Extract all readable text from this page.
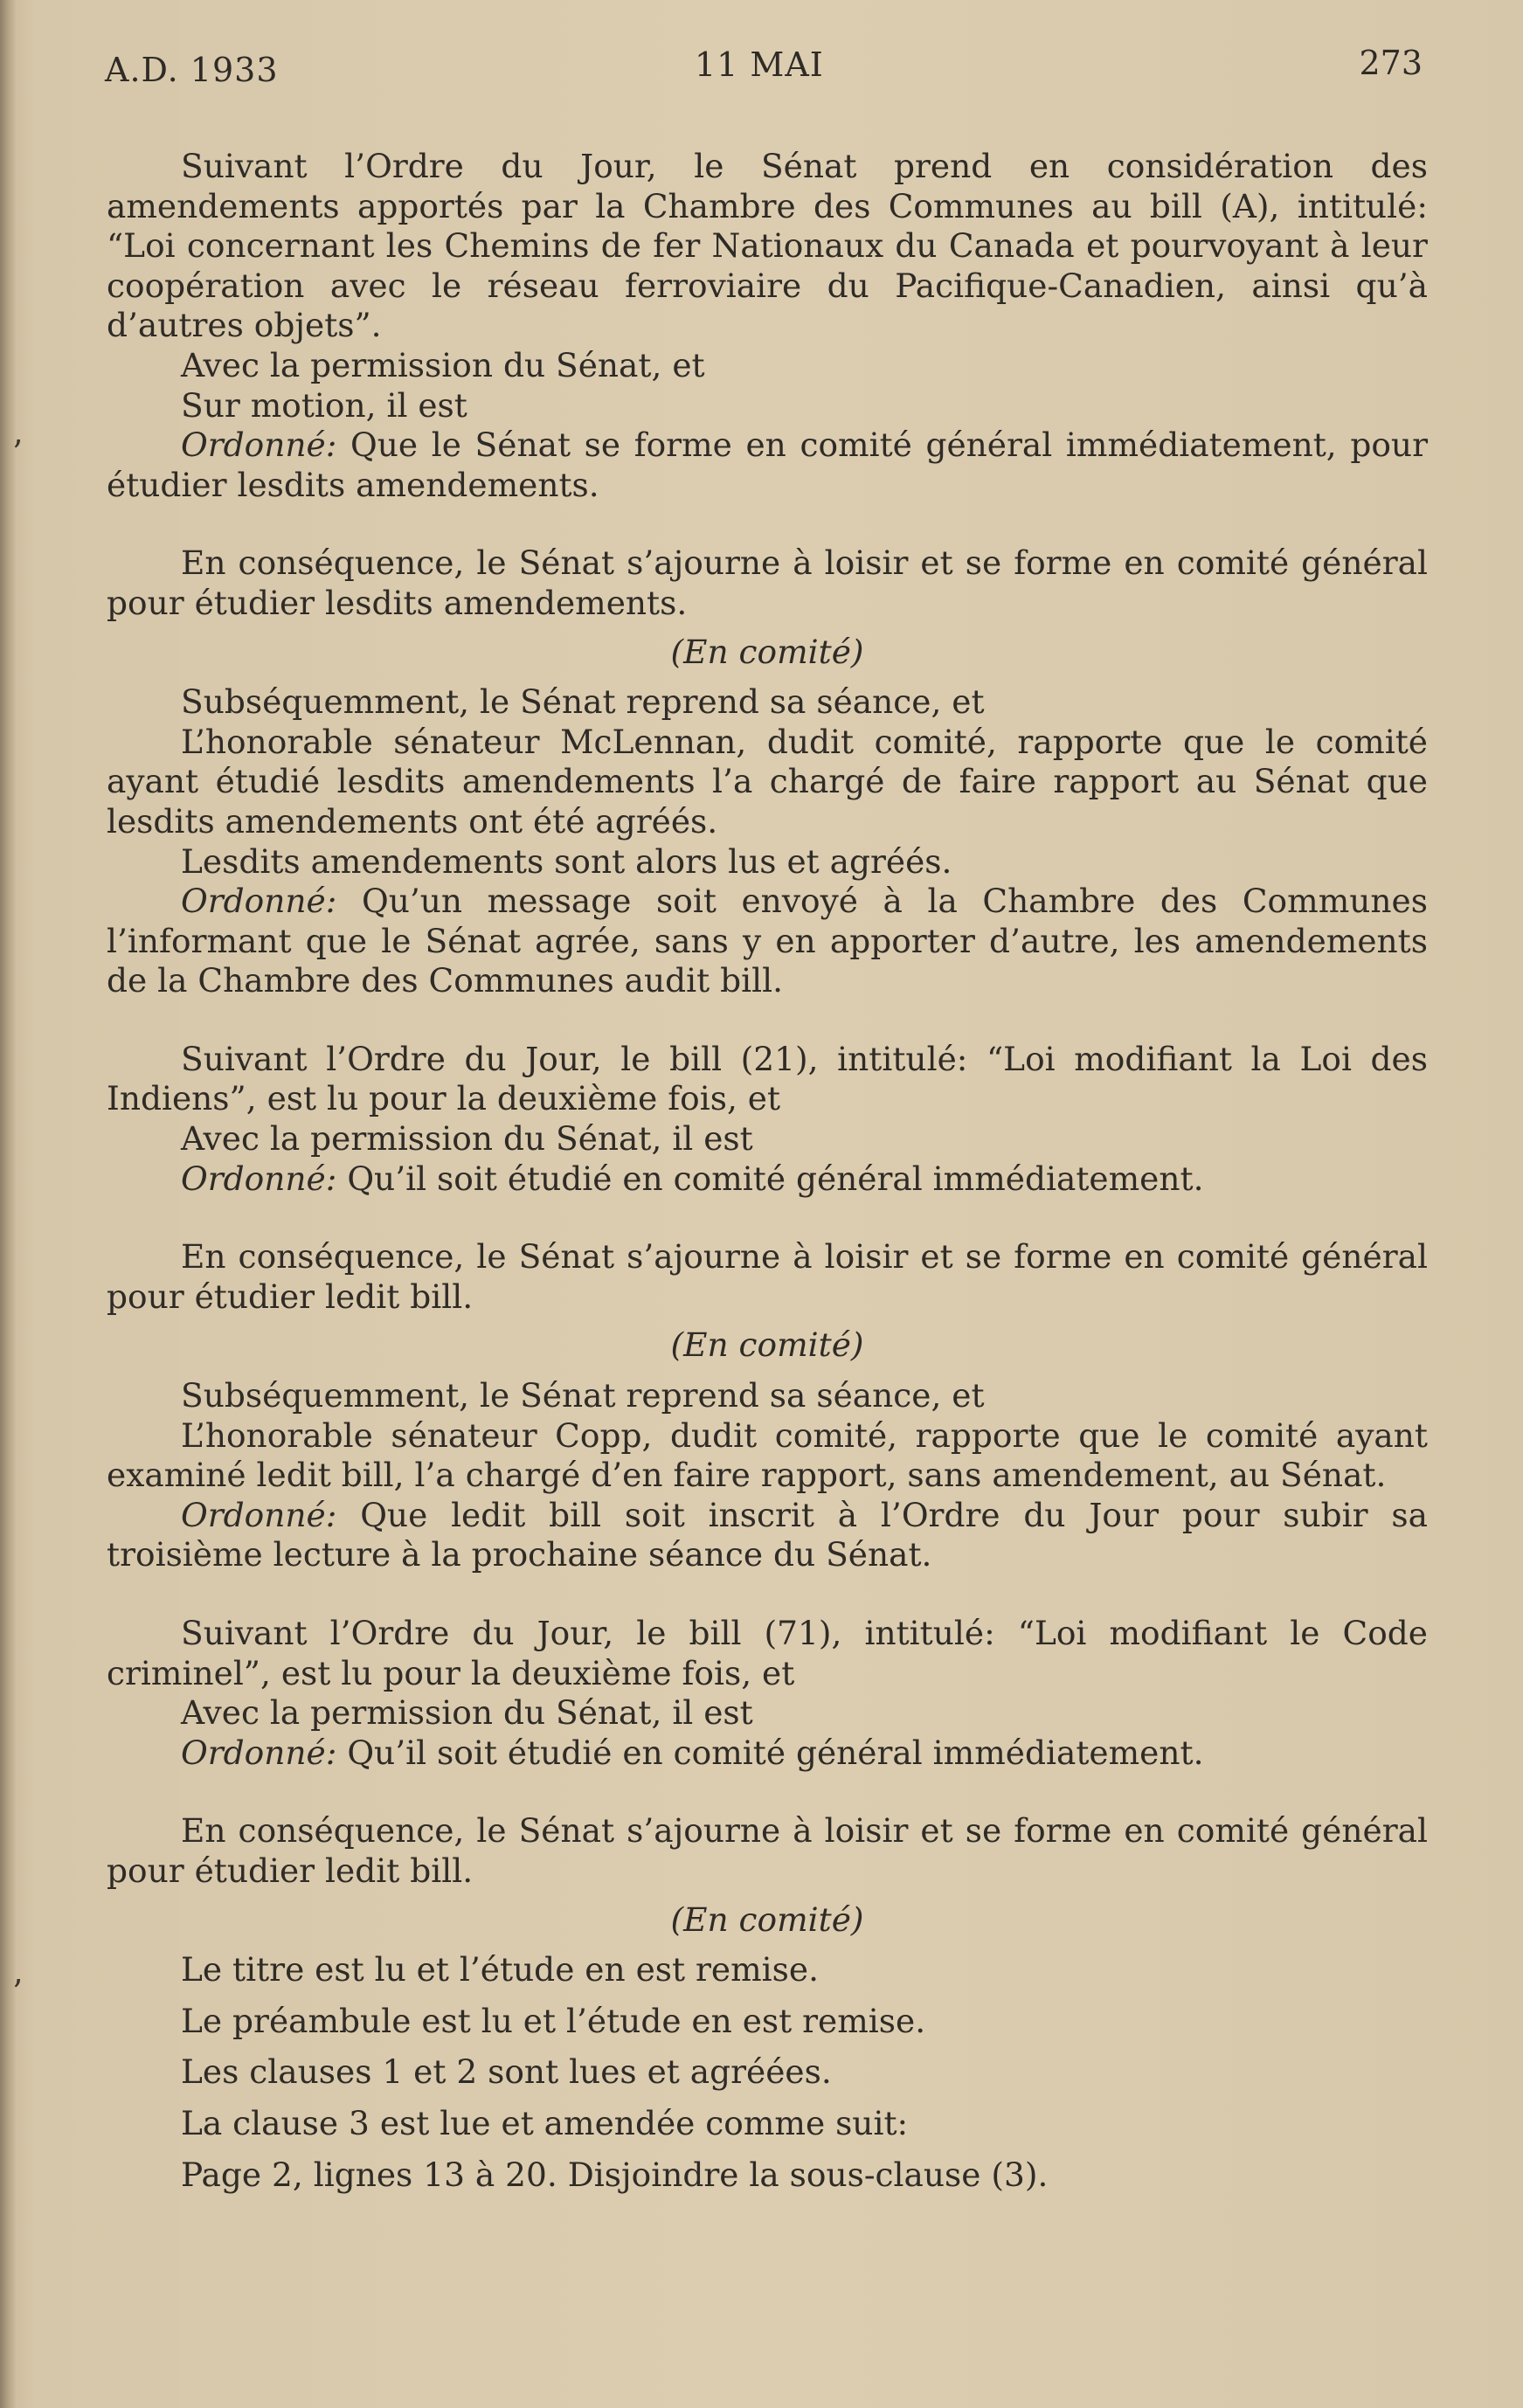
’
’
A.D. 1933	11 MAI	273

Suivant l’Ordre du Jour, le Sénat prend en considération des amendements apportés par la Chambre des Communes au bill (A), intitulé: “Loi concernant les Chemins de fer Nationaux du Canada et pourvoyant à leur coopération avec le réseau ferroviaire du Pacifique-Canadien, ainsi qu’à d’autres objets”.

Avec la permission du Sénat, et

Sur motion, il est

Ordonné: Que le Sénat se forme en comité général immédiatement, pour étudier lesdits amendements.

En conséquence, le Sénat s’ajourne à loisir et se forme en comité général pour étudier lesdits amendements.

(En comité)

Subséquemment, le Sénat reprend sa séance, et

L’honorable sénateur McLennan, dudit comité, rapporte que le comité ayant étudié lesdits amendements l’a chargé de faire rapport au Sénat que lesdits amendements ont été agréés.

Lesdits amendements sont alors lus et agréés.

Ordonné: Qu’un message soit envoyé à la Chambre des Communes l’informant que le Sénat agrée, sans y en apporter d’autre, les amendements de la Chambre des Communes audit bill.

Suivant l’Ordre du Jour, le bill (21), intitulé: “Loi modifiant la Loi des Indiens”, est lu pour la deuxième fois, et

Avec la permission du Sénat, il est

Ordonné: Qu’il soit étudié en comité général immédiatement.

En conséquence, le Sénat s’ajourne à loisir et se forme en comité général pour étudier ledit bill.

(En comité)

Subséquemment, le Sénat reprend sa séance, et

L’honorable sénateur Copp, dudit comité, rapporte que le comité ayant examiné ledit bill, l’a chargé d’en faire rapport, sans amendement, au Sénat.

Ordonné: Que ledit bill soit inscrit à l’Ordre du Jour pour subir sa troisième lecture à la prochaine séance du Sénat.

Suivant l’Ordre du Jour, le bill (71), intitulé: “Loi modifiant le Code criminel”, est lu pour la deuxième fois, et

Avec la permission du Sénat, il est

Ordonné: Qu’il soit étudié en comité général immédiatement.

En conséquence, le Sénat s’ajourne à loisir et se forme en comité général pour étudier ledit bill.

(En comité)

Le titre est lu et l’étude en est remise.

Le préambule est lu et l’étude en est remise.

Les clauses 1 et 2 sont lues et agréées.

La clause 3 est lue et amendée comme suit:

Page 2, lignes 13 à 20. Disjoindre la sous-clause (3).
